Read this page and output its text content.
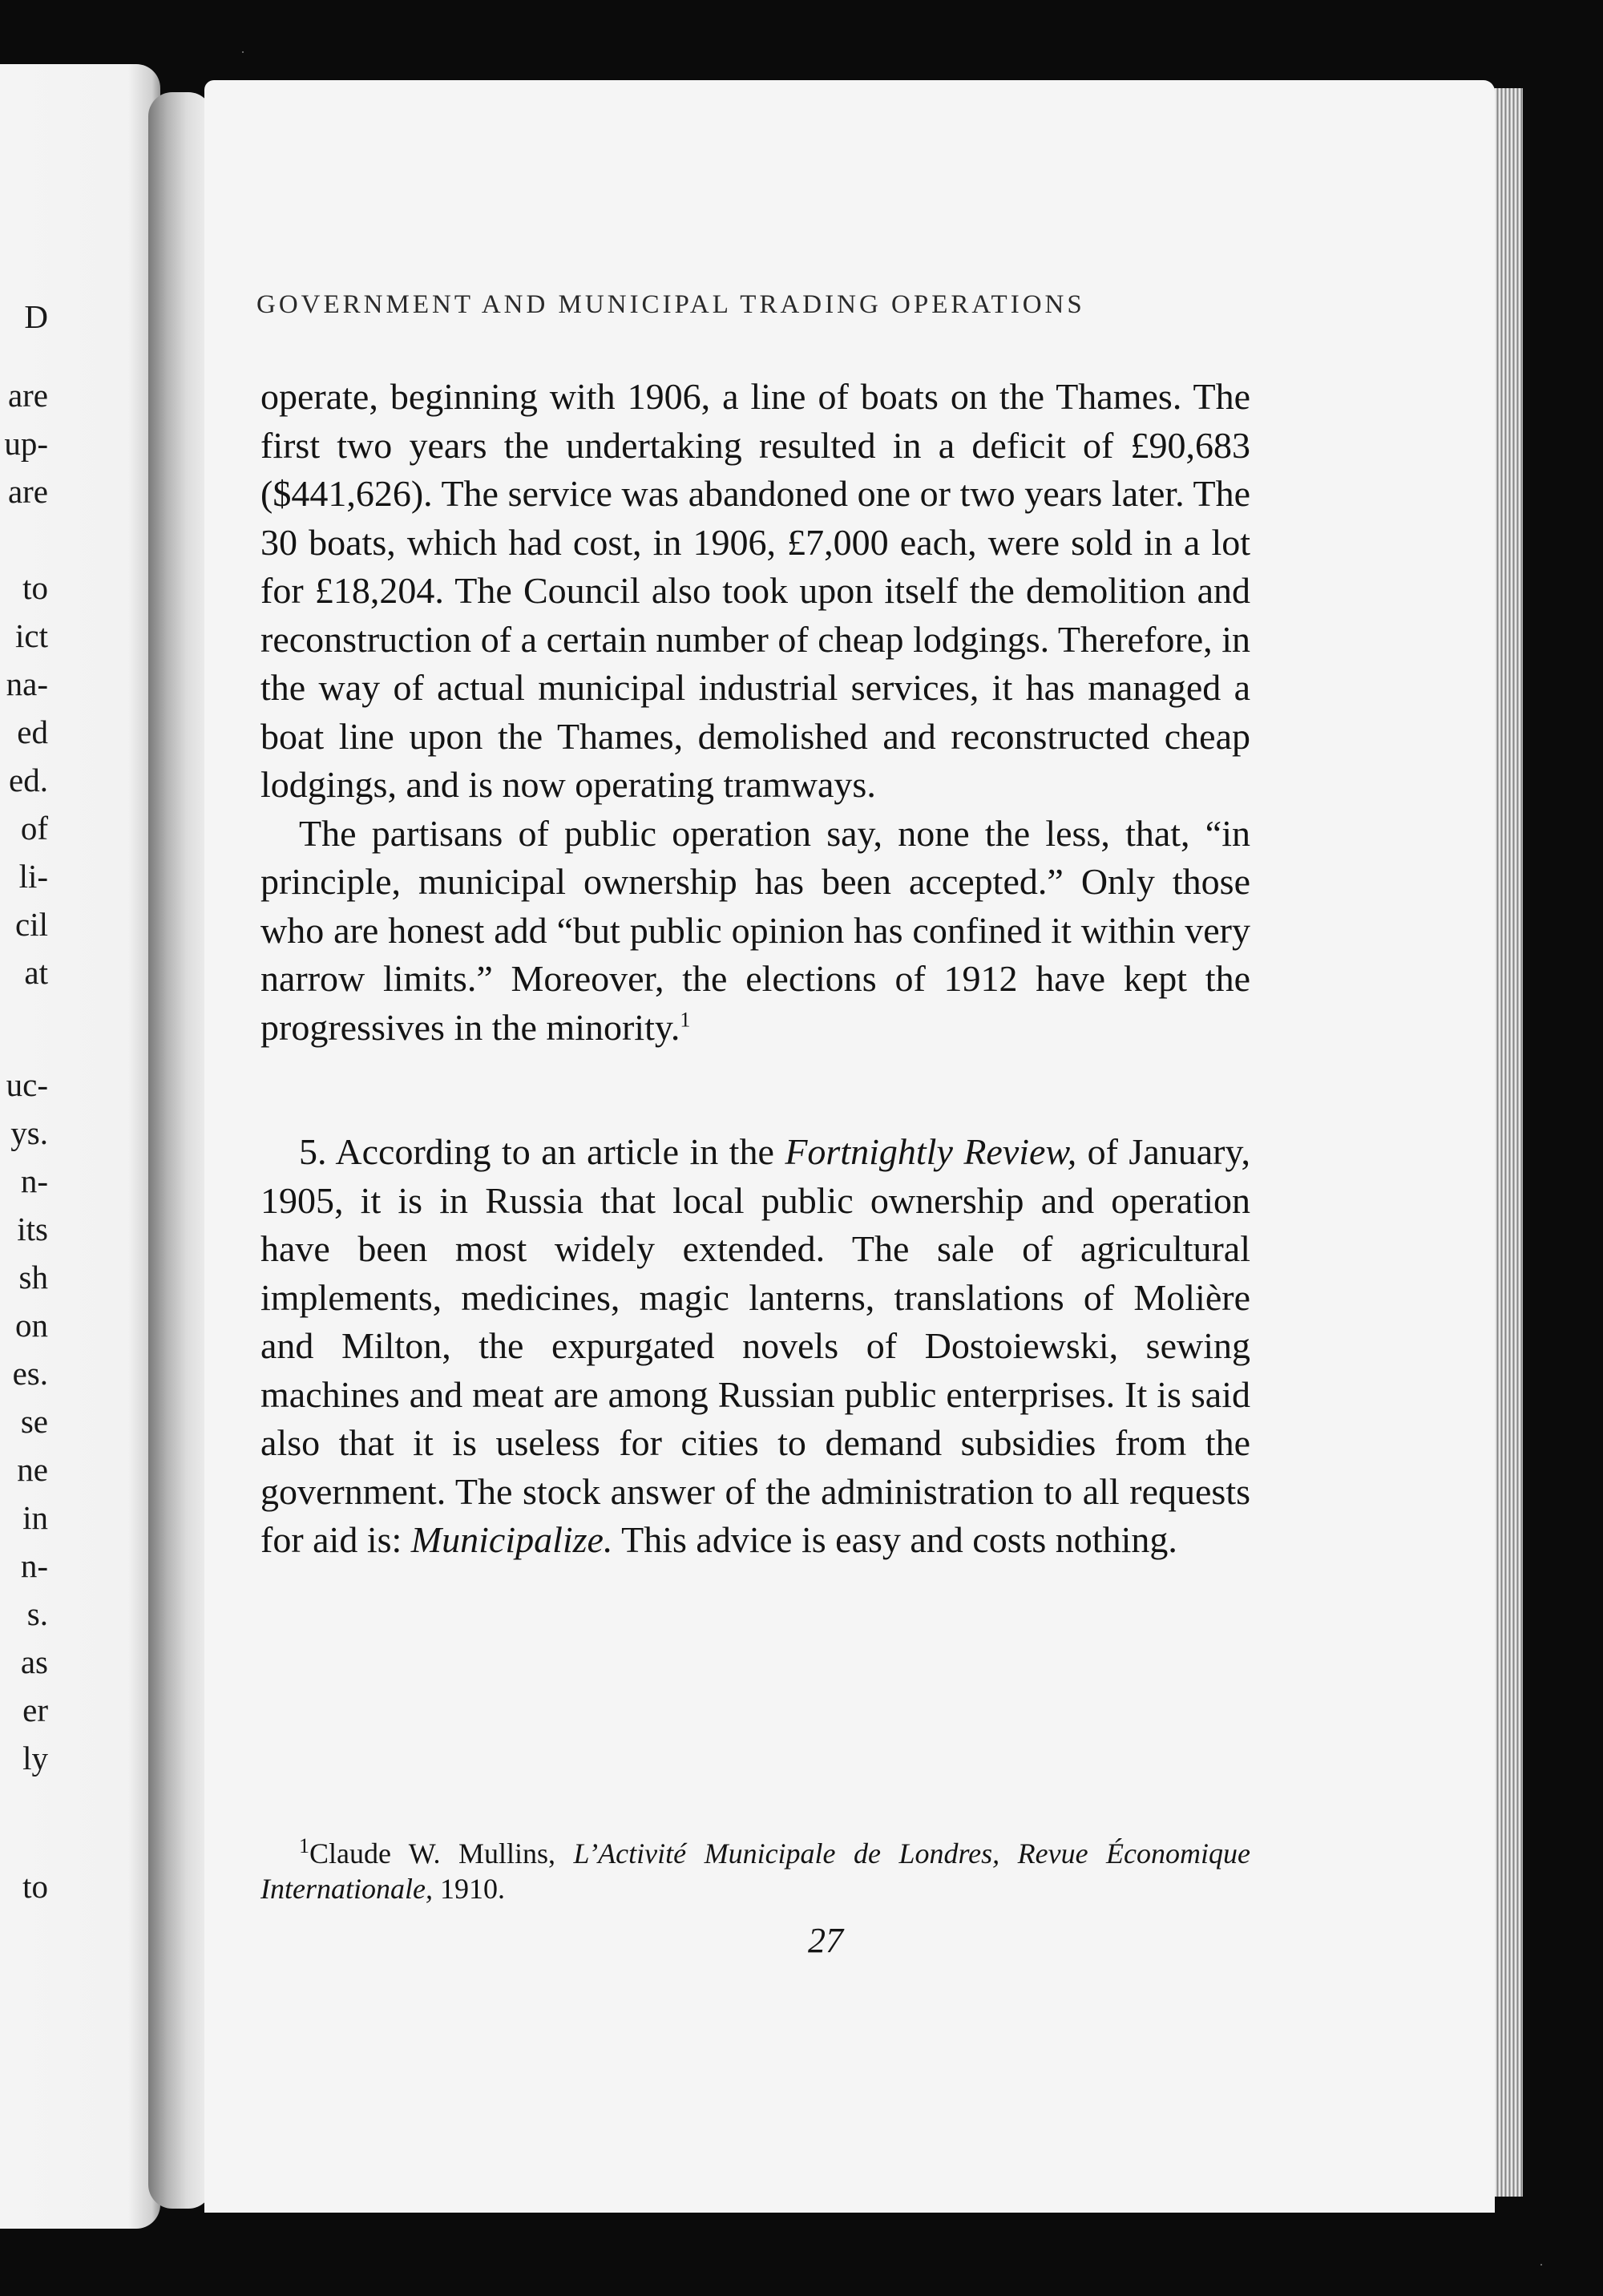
D
are
up-
are
to
ict
na-
ed
ed.
of
li-
cil
at
uc-
ys.
n-
its
sh
on
es.
se
ne
in
n-
s.
as
er
ly
to
GOVERNMENT AND MUNICIPAL TRADING OPERATIONS

operate, beginning with 1906, a line of boats on the Thames. The first two years the undertaking resulted in a deficit of £90,683 ($441,626). The service was abandoned one or two years later. The 30 boats, which had cost, in 1906, £7,000 each, were sold in a lot for £18,204. The Council also took upon itself the demolition and reconstruction of a certain number of cheap lodgings. Therefore, in the way of actual municipal industrial services, it has managed a boat line upon the Thames, demolished and reconstructed cheap lodgings, and is now operating tramways.

The partisans of public operation say, none the less, that, “in principle, municipal ownership has been accepted.” Only those who are honest add “but public opinion has confined it within very narrow limits.” Moreover, the elections of 1912 have kept the progressives in the minority.$^1$

5. According to an article in the Fortnightly Review, of January, 1905, it is in Russia that local public ownership and operation have been most widely extended. The sale of agricultural implements, medicines, magic lanterns, translations of Molière and Milton, the expurgated novels of Dostoiewski, sewing machines and meat are among Russian public enterprises. It is said also that it is useless for cities to demand subsidies from the government. The stock answer of the administration to all requests for aid is: Municipalize. This advice is easy and costs nothing.

$^1$Claude W. Mullins, L’Activité Municipale de Londres, Revue Économique Internationale, 1910.

27
·
·
